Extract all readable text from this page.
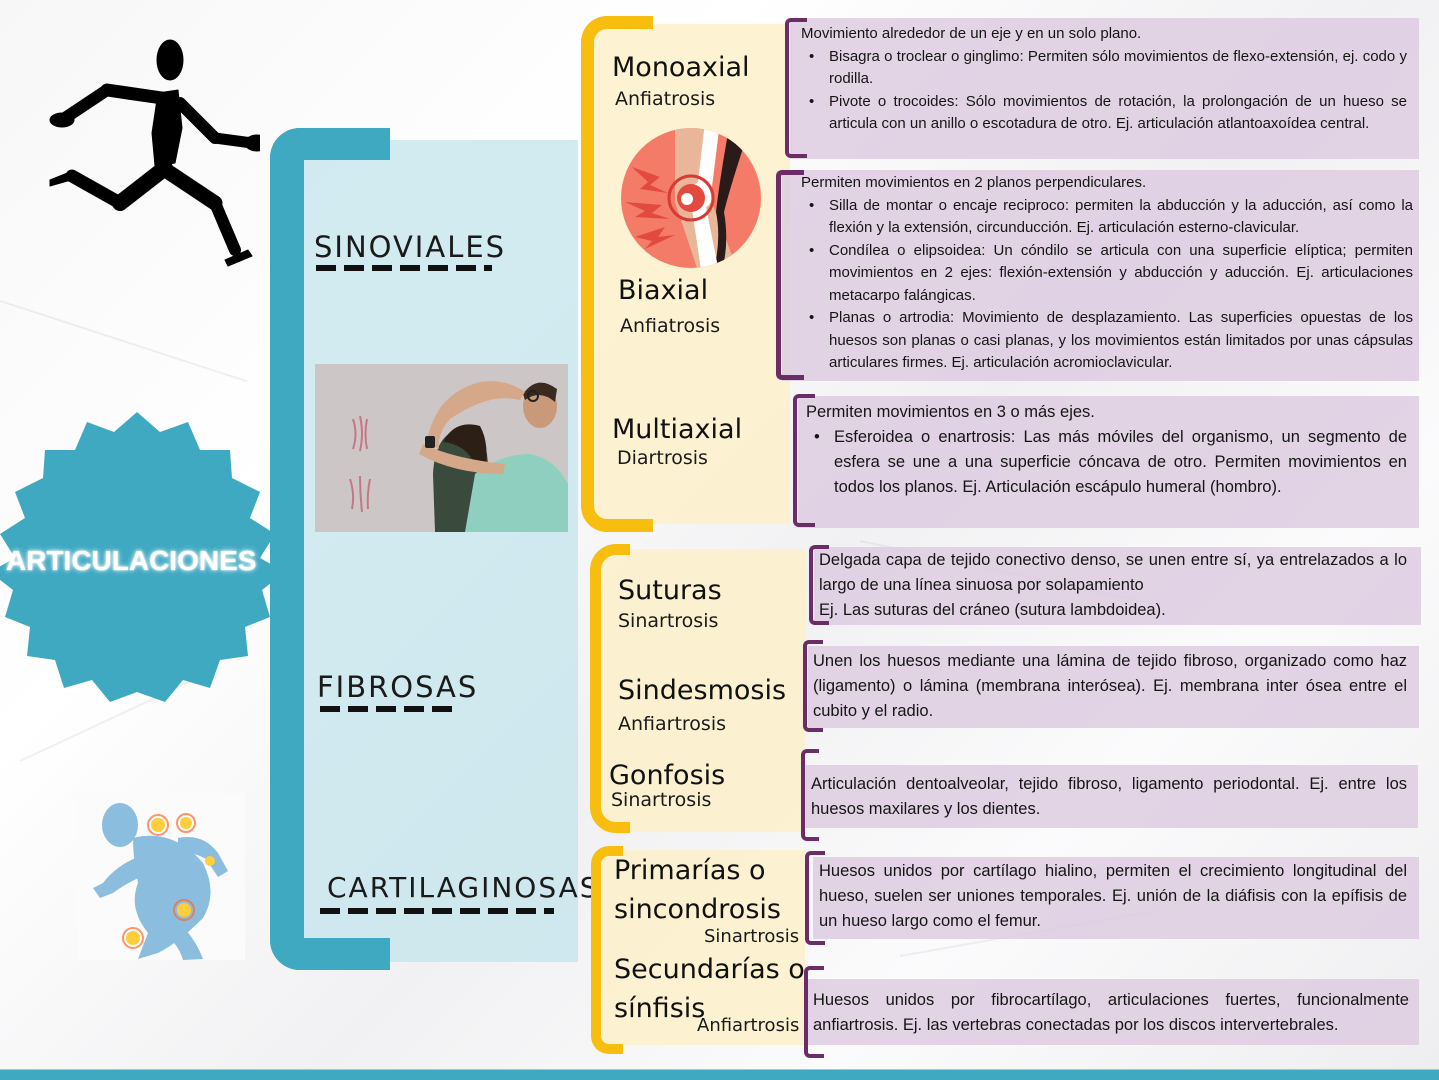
ARTICULACIONES
SINOVIALES
FIBROSAS
CARTILAGINOSAS
Monoaxial
Anfiatrosis
Biaxial
Anfiatrosis
Multiaxial
Diartrosis
Movimiento alrededor de un eje y en un solo plano.
• Bisagra o troclear o ginglimo: Permiten sólo movimientos de flexo-extensión, ej. codo y rodilla.
• Pivote o trocoides: Sólo movimientos de rotación, la prolongación de un hueso se articula con un anillo o escotadura de otro. Ej. articulación atlantoaxoídea central.
Permiten movimientos en 2 planos perpendiculares.
• Silla de montar o encaje reciproco: permiten la abducción y la aducción, así como la flexión y la extensión, circunducción. Ej. articulación esterno-clavicular.
• Condílea o elipsoidea: Un cóndilo se articula con una superficie elíptica; permiten movimientos en 2 ejes: flexión-extensión y abducción y aducción. Ej. articulaciones metacarpo falángicas.
• Planas o artrodia: Movimiento de desplazamiento. Las superficies opuestas de los huesos son planas o casi planas, y los movimientos están limitados por unas cápsulas articulares firmes. Ej. articulación acromioclavicular.
Permiten movimientos en 3 o más ejes.
• Esferoidea o enartrosis: Las más móviles del organismo, un segmento de esfera se une a una superficie cóncava de otro. Permiten movimientos en todos los planos. Ej. Articulación escápulo humeral (hombro).
Suturas
Sinartrosis
Sindesmosis
Anfiartrosis
Gonfosis
Sinartrosis
Delgada capa de tejido conectivo denso, se unen entre sí, ya entrelazados a lo largo de una línea sinuosa por solapamiento
Ej. Las suturas del cráneo (sutura lambdoidea).
Unen los huesos mediante una lámina de tejido fibroso, organizado como haz (ligamento) o lámina (membrana interósea). Ej. membrana inter ósea entre el cubito y el radio.
Articulación dentoalveolar, tejido fibroso, ligamento periodontal. Ej. entre los huesos maxilares y los dientes.
Primarías o
sincondrosis
Sinartrosis
Secundarías o
sínfisis
Anfiartrosis
Huesos unidos por cartílago hialino, permiten el crecimiento longitudinal del hueso, suelen ser uniones temporales. Ej. unión de la diáfisis con la epífisis de un hueso largo como el femur.
Huesos unidos por fibrocartílago, articulaciones fuertes, funcionalmente anfiartrosis. Ej. las vertebras conectadas por los discos intervertebrales.
